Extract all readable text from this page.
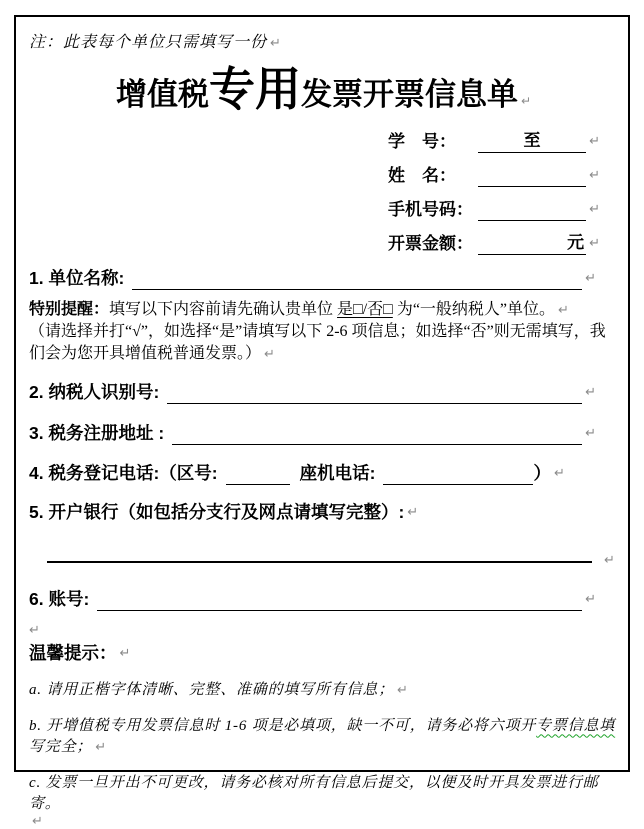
注：此表每个单位只需填写一份 ↵
增值税专用发票开票信息单 ↵
学　号：	至	↵
姓　名：	↵
手机号码：	↵
开票金额：	元 ↵
1. 单位名称:	↵
特别提醒：填写以下内容前请先确认贵单位 是□/否□ 为“一般纳税人”单位。 ↵
（请选择并打“√”，如选择“是”请填写以下 2-6 项信息；如选择“否”则无需填写，我们会为您开具增值税普通发票。） ↵
2. 纳税人识别号:	↵
3. 税务注册地址 :	↵
4. 税务登记电话:（区号:	座机电话:	） ↵
5. 开户银行（如包括分支行及网点请填写完整）: ↵
↵
6. 账号:	↵
↵
温馨提示： ↵
a. 请用正楷字体清晰、完整、准确的填写所有信息； ↵
b. 开增值税专用发票信息时 1-6 项是必填项，缺一不可，请务必将六项开 专票信息填
写完全； ↵
c. 发票一旦开出不可更改，请务必核对所有信息后提交，以便及时开具发票进行邮寄。
↵
